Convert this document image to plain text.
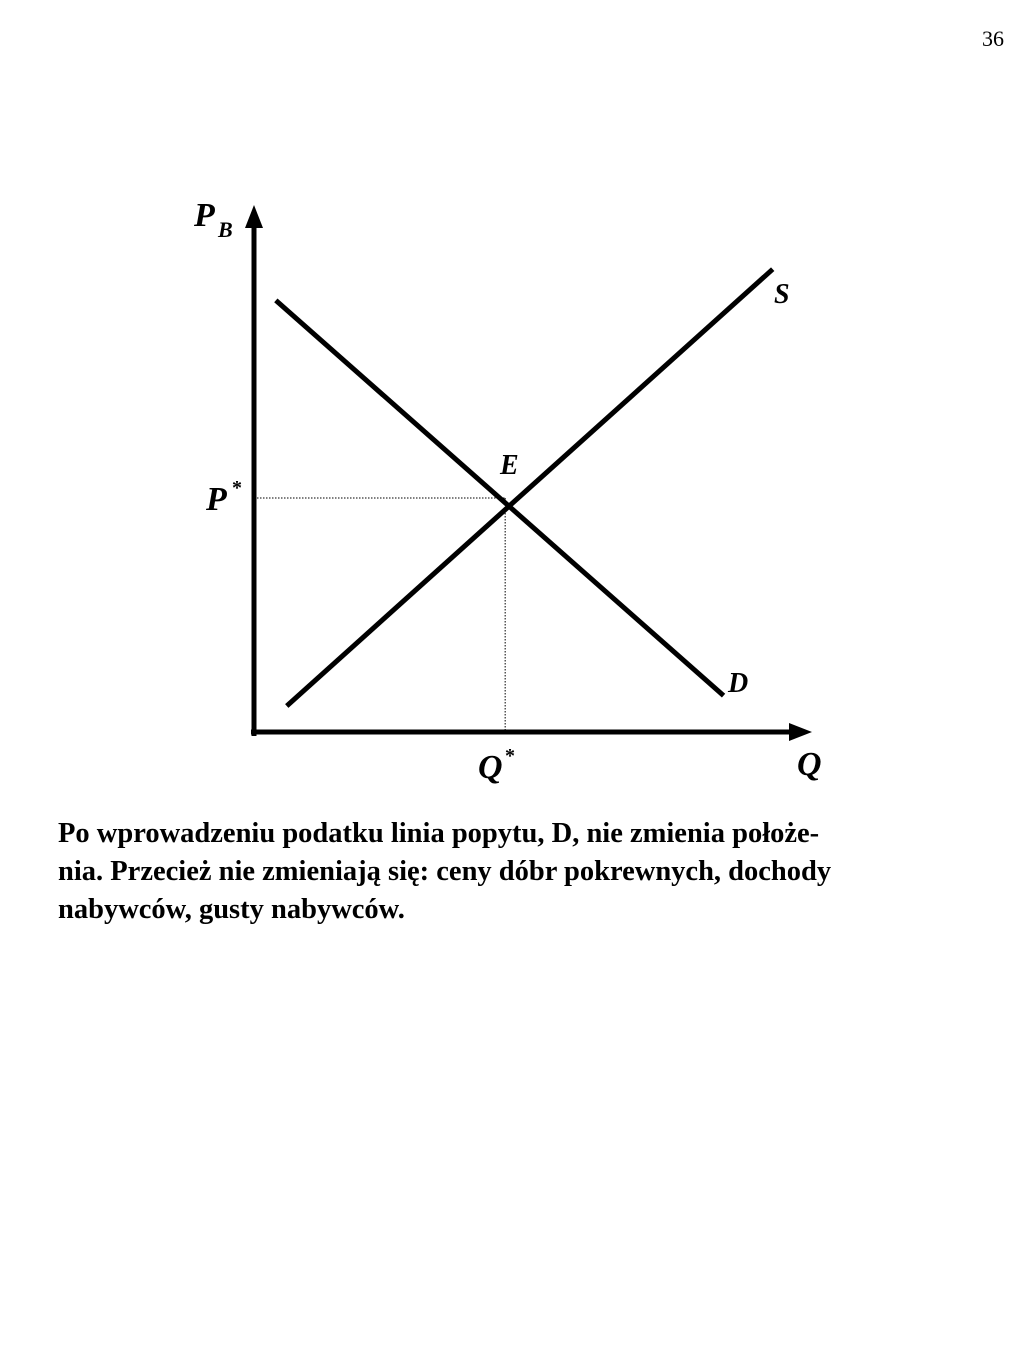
36
P B
Q
S
D
E
P *
Q *

Po wprowadzeniu podatku linia popytu, D, nie zmienia położe-
nia. Przecież nie zmieniają się: ceny dóbr pokrewnych, dochody
nabywców, gusty nabywców.
